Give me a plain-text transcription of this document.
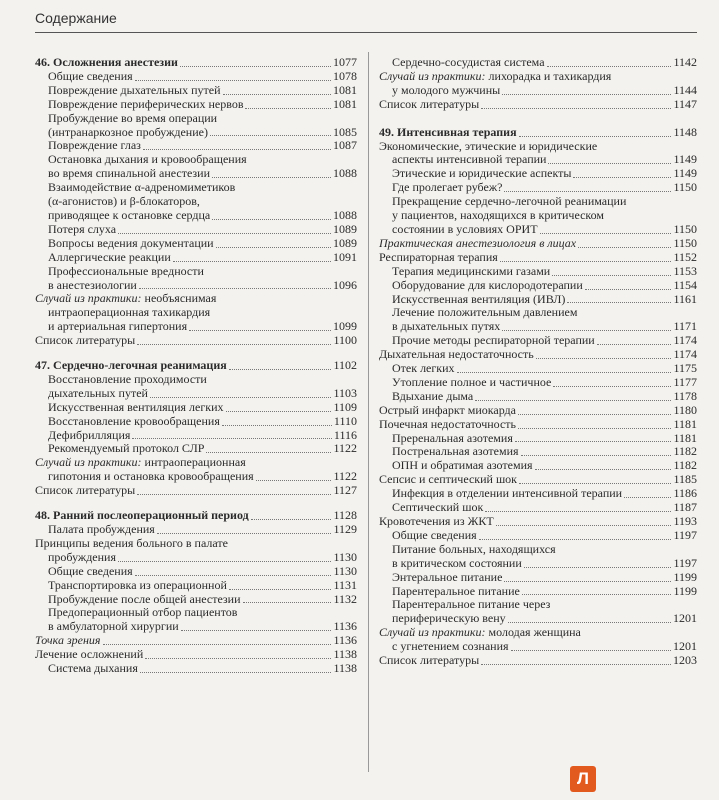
Содержание
46. Осложнения анестезии	1077
Общие сведения	1078
Повреждение дыхательных путей	1081
Повреждение периферических нервов	1081
Пробуждение во время операции
(интранаркозное пробуждение)	1085
Повреждение глаз	1087
Остановка дыхания и кровообращения
во время спинальной анестезии	1088
Взаимодействие α-адреномиметиков
(α-агонистов) и β-блокаторов,
приводящее к остановке сердца	1088
Потеря слуха	1089
Вопросы ведения документации	1089
Аллергические реакции	1091
Профессиональные вредности
в анестезиологии	1096
Случай из практики: необъяснимая
интраоперационная тахикардия
и артериальная гипертония	1099
Список литературы	1100
47. Сердечно-легочная реанимация	1102
Восстановление проходимости
дыхательных путей	1103
Искусственная вентиляция легких	1109
Восстановление кровообращения	1110
Дефибрилляция	1116
Рекомендуемый протокол СЛР	1122
Случай из практики: интраоперационная
гипотония и остановка кровообращения	1122
Список литературы	1127
48. Ранний послеоперационный период	1128
Палата пробуждения	1129
Принципы ведения больного в палате
пробуждения	1130
Общие сведения	1130
Транспортировка из операционной	1131
Пробуждение после общей анестезии	1132
Предоперационный отбор пациентов
в амбулаторной хирургии	1136
Точка зрения	1136
Лечение осложнений	1138
Система дыхания	1138
Сердечно-сосудистая система	1142
Случай из практики: лихорадка и тахикардия
у молодого мужчины	1144
Список литературы	1147
49. Интенсивная терапия	1148
Экономические, этические и юридические
аспекты интенсивной терапии	1149
Этические и юридические аспекты	1149
Где пролегает рубеж?	1150
Прекращение сердечно-легочной реанимации
у пациентов, находящихся в критическом
состоянии в условиях ОРИТ	1150
Практическая анестезиология в лицах	1150
Респираторная терапия	1152
Терапия медицинскими газами	1153
Оборудование для кислородотерапии	1154
Искусственная вентиляция (ИВЛ)	1161
Лечение положительным давлением
в дыхательных путях	1171
Прочие методы респираторной терапии	1174
Дыхательная недостаточность	1174
Отек легких	1175
Утопление полное и частичное	1177
Вдыхание дыма	1178
Острый инфаркт миокарда	1180
Почечная недостаточность	1181
Преренальная азотемия	1181
Постренальная азотемия	1182
ОПН и обратимая азотемия	1182
Сепсис и септический шок	1185
Инфекция в отделении интенсивной терапии	1186
Септический шок	1187
Кровотечения из ЖКТ	1193
Общие сведения	1197
Питание больных, находящихся
в критическом состоянии	1197
Энтеральное питание	1199
Парентеральное питание	1199
Парентеральное питание через
периферическую вену	1201
Случай из практики: молодая женщина
с угнетением сознания	1201
Список литературы	1203
Л
